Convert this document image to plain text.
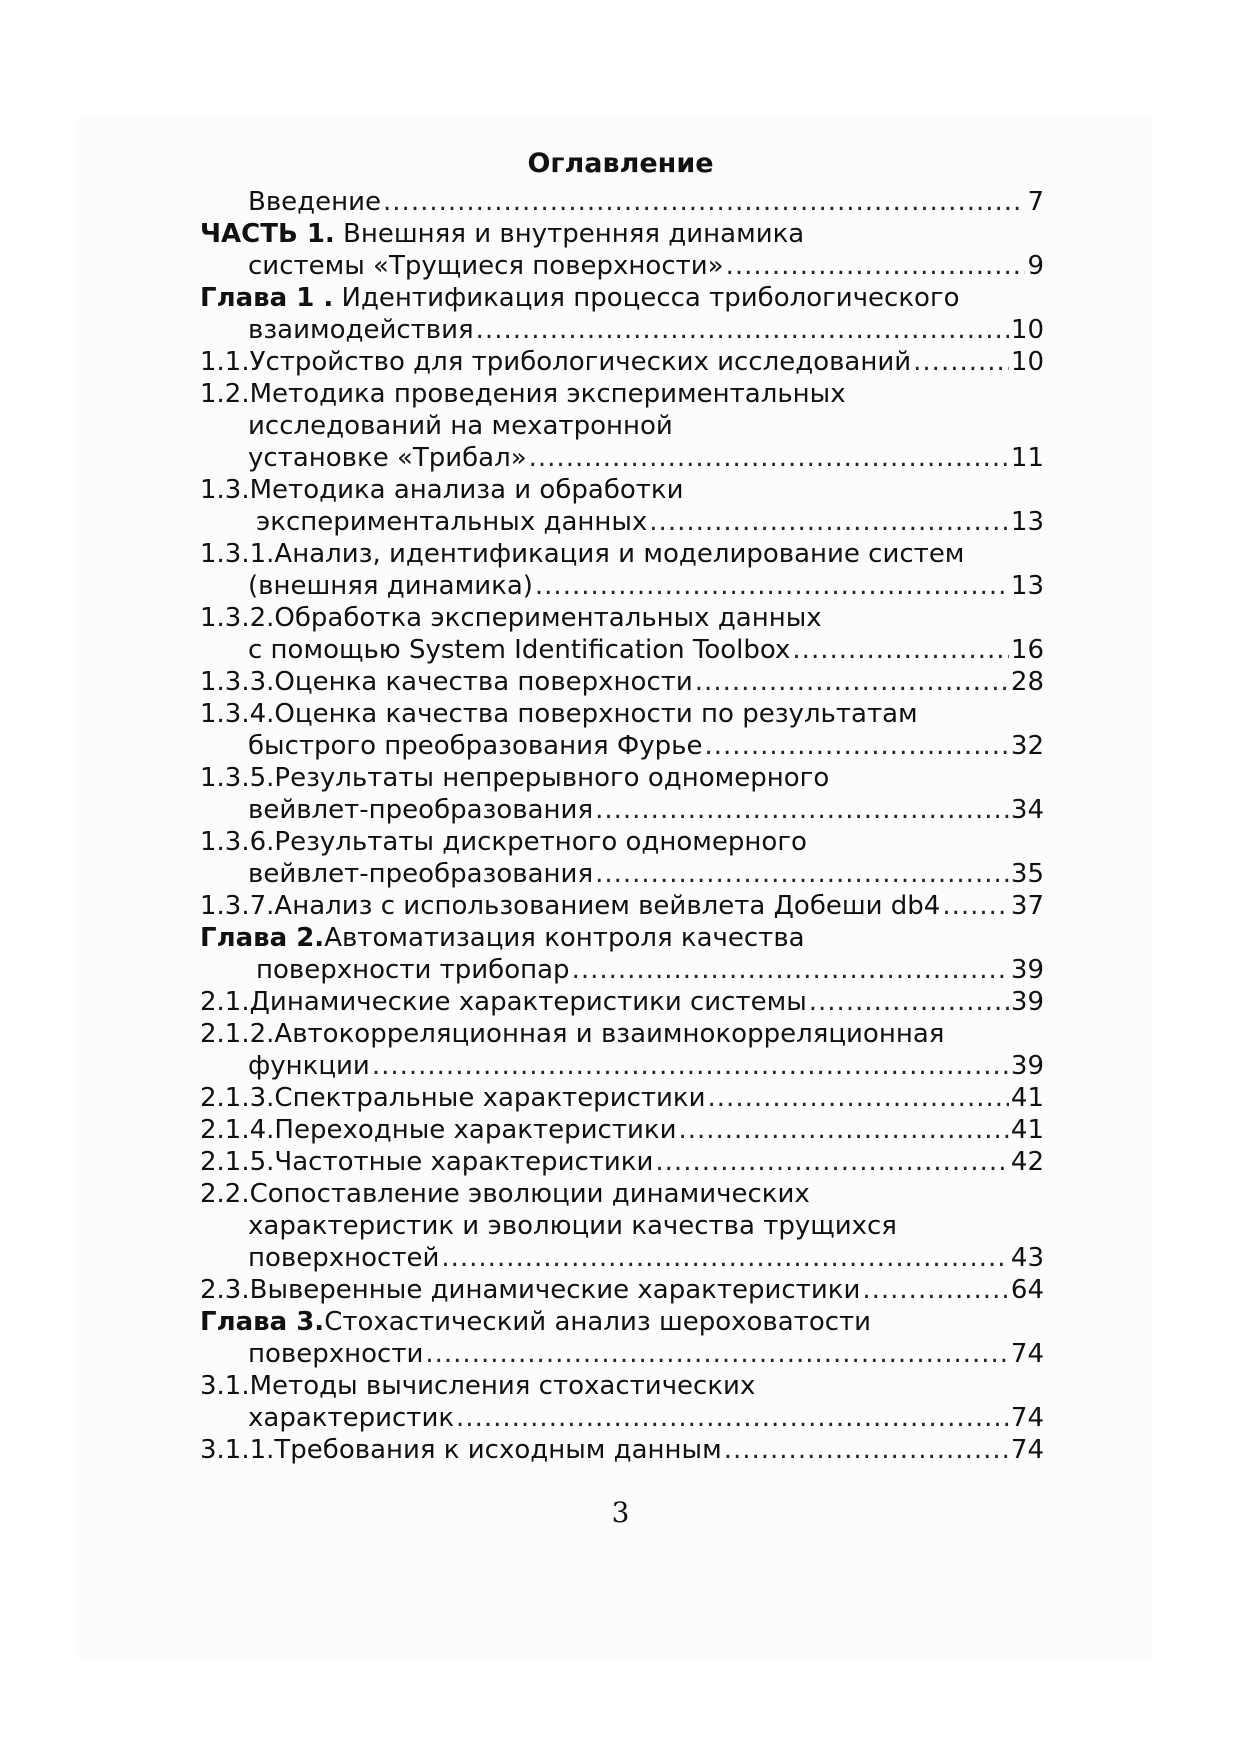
Оглавление
Введение .....	7
ЧАСТЬ 1. Внешняя и внутренняя динамика
системы «Трущиеся поверхности» .....	9
Глава 1 . Идентификация процесса трибологического
взаимодействия .....	10
1.1.Устройство для трибологических исследований .....	10
1.2.Методика проведения экспериментальных
исследований на мехатронной
установке «Трибал» .....	11
1.3.Методика анализа и обработки
экспериментальных данных .....	13
1.3.1.Анализ, идентификация и моделирование систем
(внешняя динамика) .....	13
1.3.2.Обработка экспериментальных данных
с помощью System Identification Toolbox .....	16
1.3.3.Оценка качества поверхности .....	28
1.3.4.Оценка качества поверхности по результатам
быстрого преобразования Фурье .....	32
1.3.5.Результаты непрерывного одномерного
вейвлет-преобразования .....	34
1.3.6.Результаты дискретного одномерного
вейвлет-преобразования .....	35
1.3.7.Анализ с использованием вейвлета Добеши db4 .....	37
Глава 2.Автоматизация контроля качества
поверхности трибопар .....	39
2.1.Динамические характеристики системы .....	39
2.1.2.Автокорреляционная и взаимнокорреляционная
функции .....	39
2.1.3.Спектральные характеристики .....	41
2.1.4.Переходные характеристики .....	41
2.1.5.Частотные характеристики .....	42
2.2.Сопоставление эволюции динамических
характеристик и эволюции качества трущихся
поверхностей .....	43
2.3.Выверенные динамические характеристики .....	64
Глава 3.Стохастический анализ шероховатости
поверхности .....	74
3.1.Методы вычисления стохастических
характеристик .....	74
3.1.1.Требования к исходным данным .....	74
3
